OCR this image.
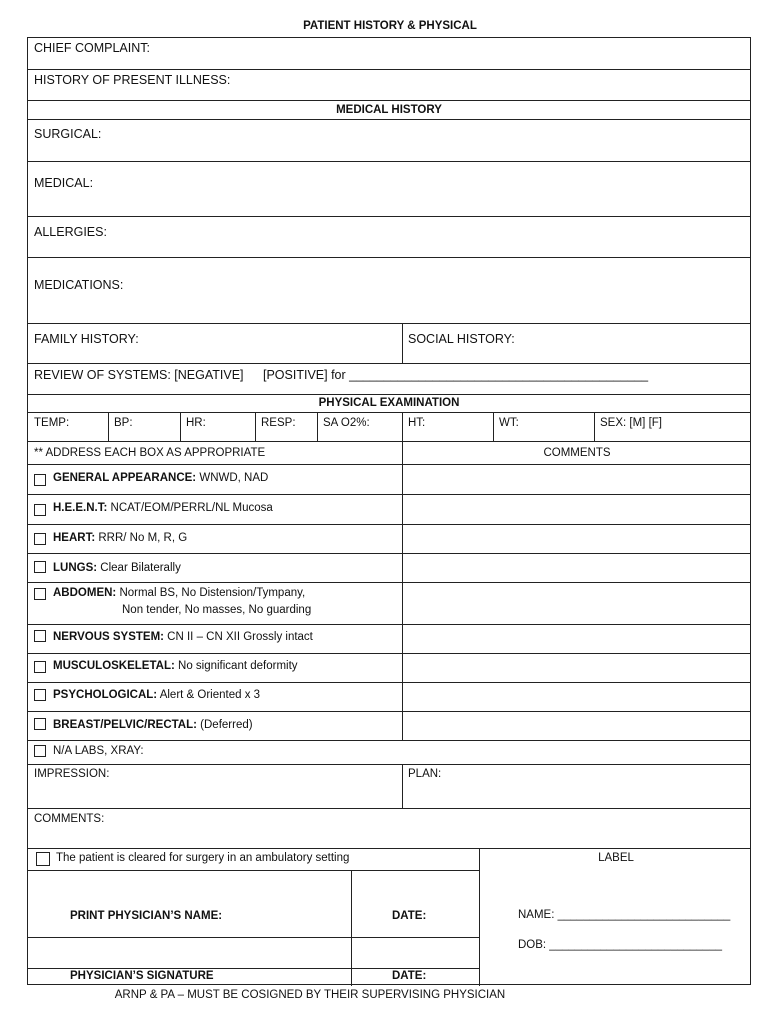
PATIENT HISTORY & PHYSICAL
CHIEF COMPLAINT:
HISTORY OF PRESENT ILLNESS:
MEDICAL HISTORY
SURGICAL:
MEDICAL:
ALLERGIES:
MEDICATIONS:
FAMILY HISTORY:	SOCIAL HISTORY:
REVIEW OF SYSTEMS: [NEGATIVE] [POSITIVE] for ___________________________________________
PHYSICAL EXAMINATION
TEMP:	BP:	HR:	RESP: SA O2%:	HT:	WT:	SEX: [M] [F]
** ADDRESS EACH BOX AS APPROPRIATE	COMMENTS
GENERAL APPEARANCE: WNWD, NAD
H.E.E.N.T: NCAT/EOM/PERRL/NL Mucosa
HEART: RRR/ No M, R, G
LUNGS: Clear Bilaterally
ABDOMEN: Normal BS, No Distension/Tympany,
Non tender, No masses, No guarding
NERVOUS SYSTEM: CN II – CN XII Grossly intact
MUSCULOSKELETAL: No significant deformity
PSYCHOLOGICAL: Alert & Oriented x 3
BREAST/PELVIC/RECTAL: (Deferred)
N/A LABS, XRAY:
IMPRESSION:	PLAN:
COMMENTS:
The patient is cleared for surgery in an ambulatory setting
PRINT PHYSICIAN’S NAME:	DATE:
PHYSICIAN’S SIGNATURE	DATE:
LABEL
NAME: ___________________________
DOB: ___________________________
ARNP & PA – MUST BE COSIGNED BY THEIR SUPERVISING PHYSICIAN
